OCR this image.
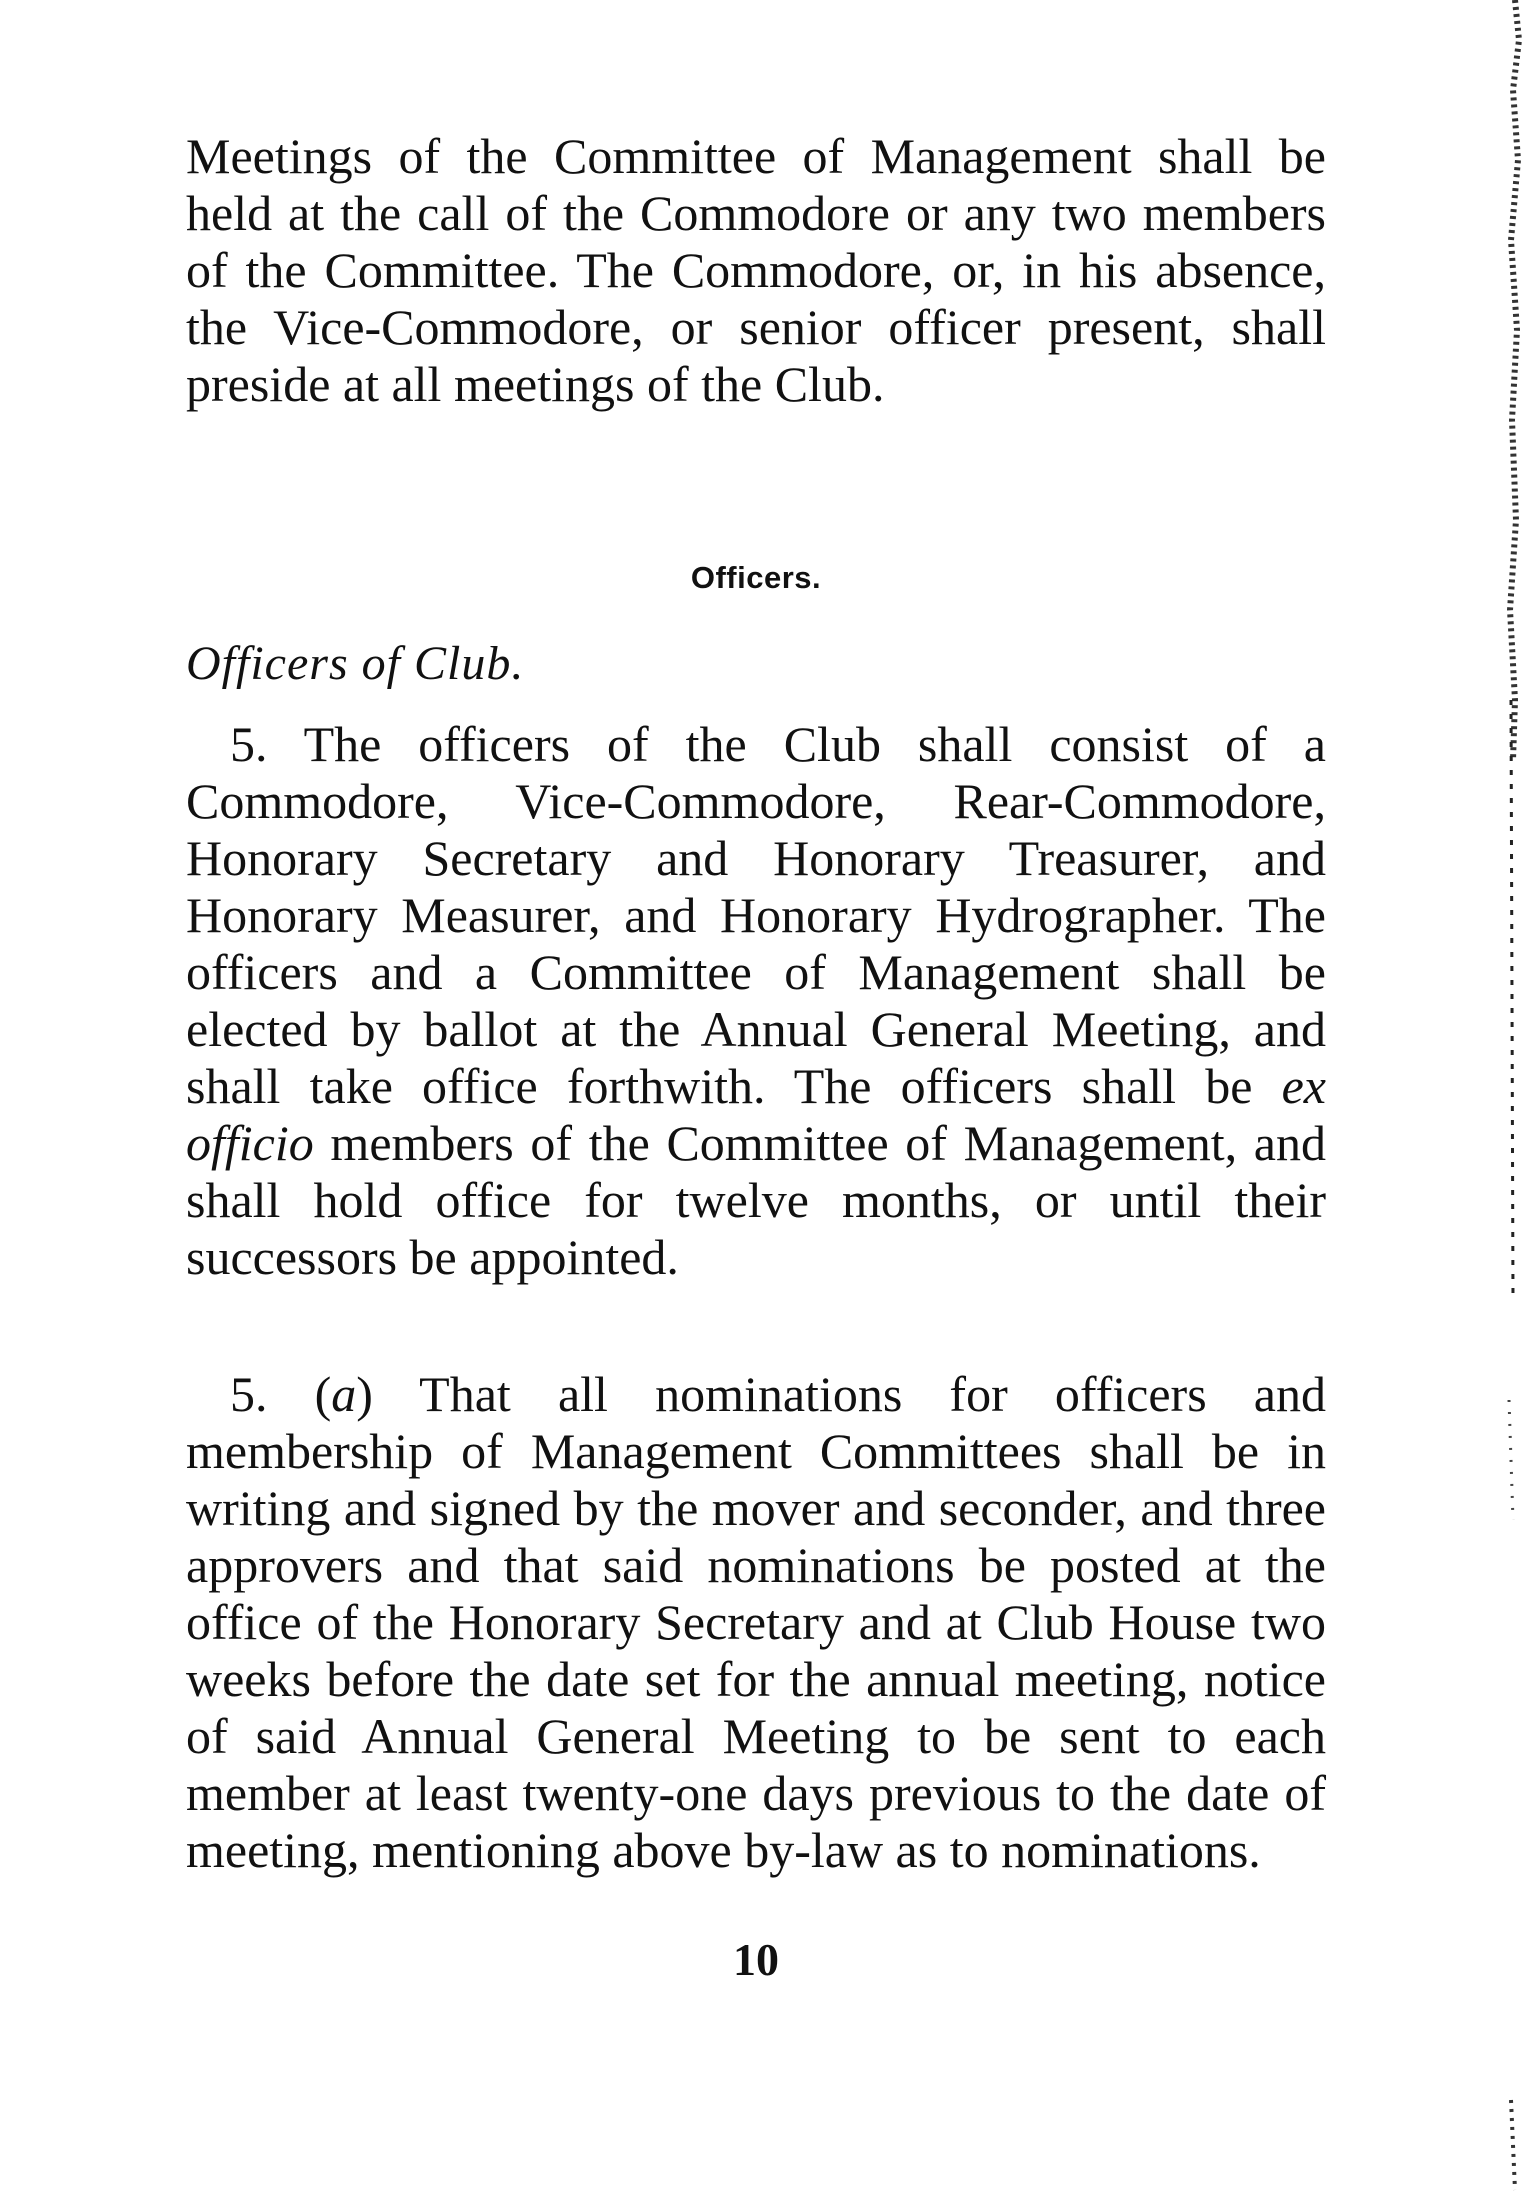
Meetings of the Committee of Management shall be held at the call of the Commodore or any two members of the Committee. The Commodore, or, in his absence, the Vice-Commodore, or senior officer present, shall preside at all meetings of the Club.

Officers.

Officers of Club.

5. The officers of the Club shall consist of a Commodore, Vice-Commodore, Rear-Commodore, Honorary Secretary and Honorary Treasurer, and Honorary Measurer, and Honorary Hydrographer. The officers and a Committee of Management shall be elected by ballot at the Annual General Meeting, and shall take office forthwith. The officers shall be ex officio members of the Committee of Management, and shall hold office for twelve months, or until their successors be appointed.

5. (a) That all nominations for officers and membership of Management Committees shall be in writing and signed by the mover and seconder, and three approvers and that said nominations be posted at the office of the Honorary Secretary and at Club House two weeks before the date set for the annual meeting, notice of said Annual General Meeting to be sent to each member at least twenty-one days previous to the date of meeting, mentioning above by-law as to nominations.

10
